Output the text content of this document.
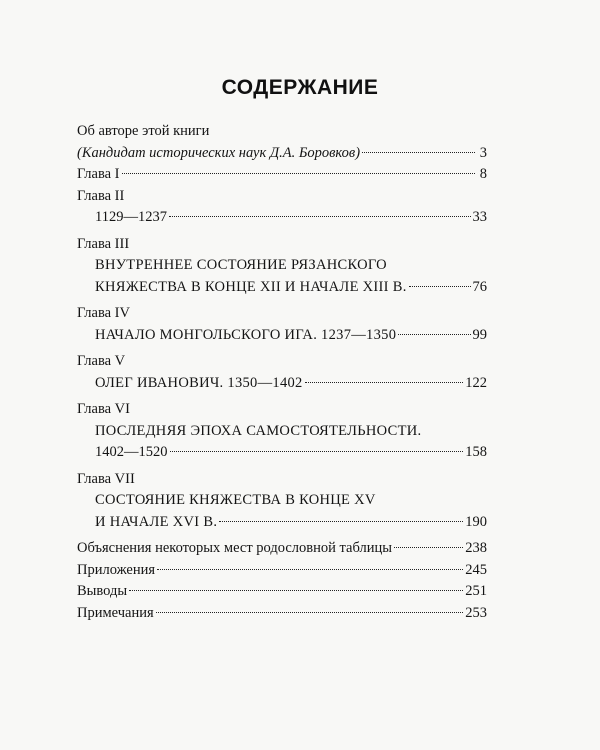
СОДЕРЖАНИЕ
Об авторе этой книги
(Кандидат исторических наук Д.А. Боровков)	3
Глава I	8
Глава II
1129—1237	33
Глава III
ВНУТРЕННЕЕ СОСТОЯНИЕ РЯЗАНСКОГО
КНЯЖЕСТВА В КОНЦЕ XII И НАЧАЛЕ XIII В.	76
Глава IV
НАЧАЛО МОНГОЛЬСКОГО ИГА. 1237—1350	99
Глава V
ОЛЕГ ИВАНОВИЧ. 1350—1402	122
Глава VI
ПОСЛЕДНЯЯ ЭПОХА САМОСТОЯТЕЛЬНОСТИ.
1402—1520	158
Глава VII
СОСТОЯНИЕ КНЯЖЕСТВА В КОНЦЕ XV
И НАЧАЛЕ XVI В.	190
Объяснения некоторых мест родословной таблицы	238
Приложения	245
Выводы	251
Примечания	253
